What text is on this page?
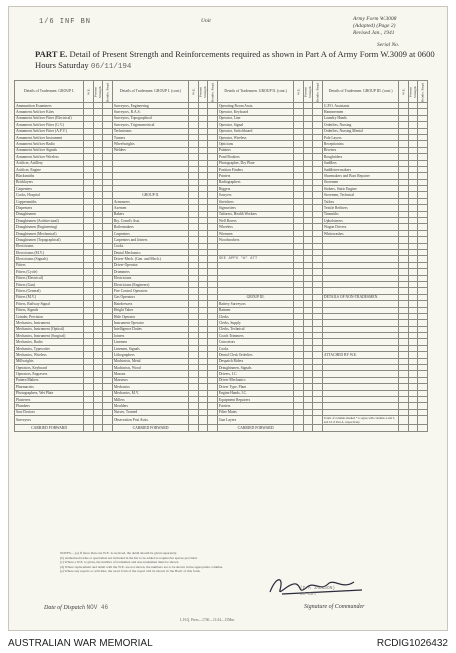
1/6 INF BN	Unit	Army Form W.3008
(Adapted) (Page 2)
Revised Jan., 1941
Serial No.
PART E. Detail of Present Strength and Reinforcements required as shown in Part A of Army Form W.3009 at 0600 Hours Saturday 06/11/194
Details of Tradesmen. GROUP I.	W.E.	Present Strength	Reinfts. Reqd.	Details of Tradesmen. GROUP I. (cont.)	W.E.	Present Strength	Reinfts. Reqd.	Details of Tradesmen. GROUP II. (cont.)	W.E.	Present Strength	Reinfts. Reqd.	Details of Tradesmen. GROUP III. (cont.)	W.E.	Present Strength	Reinfts. Reqd.
Ammunition Examiners				Surveyors, Engineering				Operating Room Assts.				G.P.O. Assistants			
Armament Artificer Kites				Surveyors, R.A.S.				Operator, Keyboard				Hammermen			
Armament Artificer Fitter (Electrical)				Surveyors, Topographical				Operator, Line				Laundry Hands			
Armament Artificer Fitter (G.V.)				Surveyors, Trigonometrical				Operator, Signal				Orderlies, Nursing			
Armament Artificer Fitter (A.F.V.)				Technicians				Operator, Switchboard				Orderlies, Nursing Mental			
Armament Artificer Instrument				Turners				Operator, Wireless				Pole Layers			
Armament Artificer Radio				Wheelwrights				Opticians				Receptionists			
Armament Artificer Signals				Welders				Painters				Riveters			
Armament Artificer Wireless								Pond Bookers				Roughriders			
Artificer, Artillery								Photographer, Dry Plate				Saddlers			
Artificer, Engine								Position Finders				Saddletree makers			
Blacksmiths								Printers				Shoemakers and Boot Repairer			
Bricklayers								Radiographers				Storemen			
Carpenters								Riggers				Stokers, Static Engine			
Cooks, Hospital				GROUP II.				Sawyers				Storemen, Technical			
Coppersmiths				Armourers				Stretchers				Tailors			
Dispensers				Axemen				Signwriters				Textile Refitters			
Draughtsmen				Bakers				Tailorers, Health Workers				Tinsmiths			
Draughtsmen (Architectural)				Bty. Comd's Asst.				Well Borers				Upholsterers			
Draughtsmen (Engineering)				Boilermakers				Wheelers				Wagon Drivers			
Draughtsmen (Mechanical)				Carpenters				Wiremen				Whitewashes			
Draughtsmen (Topographical)				Carpenters and Joiners				Woodworkers							
Electricians				Cooks											
Electricians (M.V.)				Dental Mechanics											
Electricians (Signals)				Driver-Mech. (Gen. and Mech.)				SEE APPX "A" ATT							
Fitters				Driver-Operator											
Fitters (Cycle)				Drummers											
Fitters (Electrical)				Electricians											
Fitters (Gun)				Electricians (Engineers)											
Fitters (General)				Fire Control Operators											
Fitters (M.V.)				Gas Operators				GROUP III.				DETAILS OF NON-TRADESMEN.			
Fitters, Railway Signal				Hairdressers				Battery Surveyors							
Fitters, Signals				Height Taker				Batmen							
Grinder, Precision				Hide Operator				Clerks							
Mechanics, Instrument				Instrument Operator				Clerks, Supply							
Mechanics, Instrument (Optical)				Intelligence Duties				Clerks, Technical							
Mechanics, Instrument (Surgical)				Joiners				Coach Trimmers							
Mechanics, Radio				Linemen				Concretors							
Mechanics, Typewriter				Linemen, Signals				Cooks							
Mechanics, Wireless				Lithographers				Dental Clerk Orderlies				ATTACHED BY W.E.			
Millwrights				Machinists, Metal				Despatch Riders							
Operators, Keyboard				Machinists, Wood				Draughtsmen, Signals							
Operators, Engravers				Masons				Drivers, I.C.							
Pattern Makers				Masseurs				Driver Mechanics							
Pharmacists				Mechanics				Driver Type, Plant							
Photographers, Wet Plate				Mechanics, M.V.				Engine Hands, I.C.							
Plasterers				Millers				Equipment Repairers							
Plumbers				Moulders				Farriers							
Saw Doctors				Nurses, Trained				Filter Mates							
Surveyors				Observation Post Assts.				Gun Layers				Totals of columns marked * to agree with columns 4 and 5, and 16 of Part A, respectively.			
CARRIED FORWARD				CARRIED FORWARD				CARRIED FORWARD							
NOTES.—(a) If more than one W.E. is received, the detail should be given separately.
(b) Authorised trades or specialists not included in the list to be added as required in spaces provided.
(c) Where a W.E. is given, the number of tradesmen and non-tradesmen must be shown.
(d) Where replacement and detail with the W.E. are not shown, the numbers are to be shown in the appropriate columns.
(e) Where any reports or activities, the exact form of the report will be shown in 'the Back' of this form.
(D A JACKSON)
Lt Col
Date of Dispatch NOV 46	Signature of Commander
L.H.Q. Press—1740—11/44—15Mm.
AUSTRALIAN WAR MEMORIAL	RCDIG1026432
